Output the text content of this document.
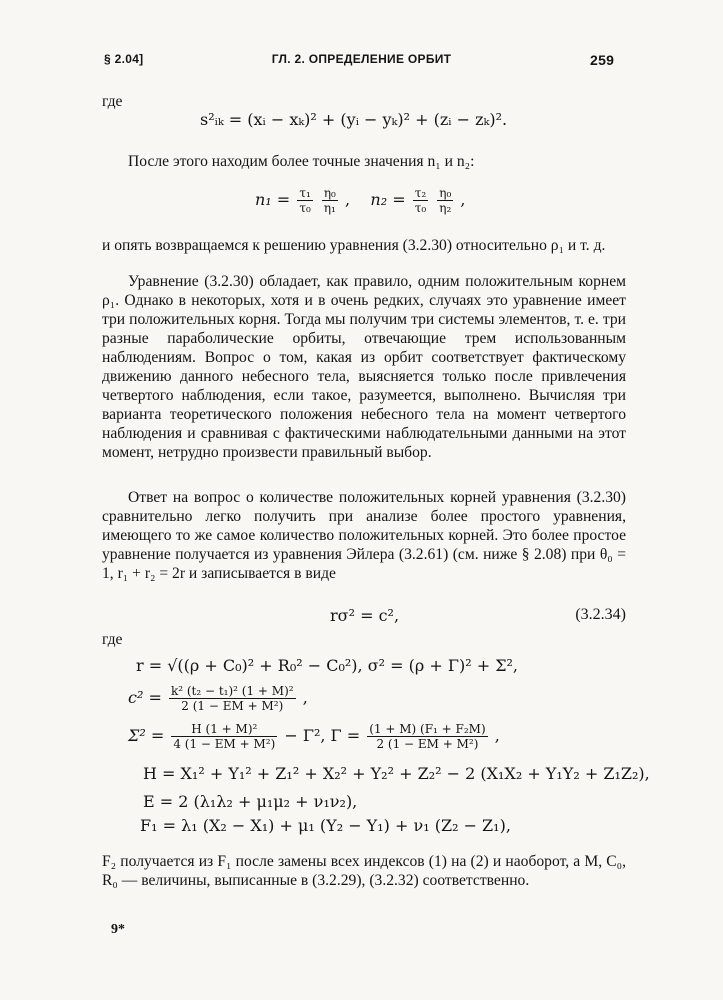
§ 2.04]	ГЛ. 2. ОПРЕДЕЛЕНИЕ ОРБИТ	259

где

s²ᵢₖ = (xᵢ − xₖ)² + (yᵢ − yₖ)² + (zᵢ − zₖ)².

После этого находим более точные значения n₁ и n₂:

$n_1 = \frac{\text{τ₁}}{\text{τ₀}}$
$\frac{\text{η₀}}{\text{η₁}}$ ,    $n_2 = \frac{\text{τ₂}}{\text{τ₀}}$
$\frac{\text{η₀}}{\text{η₂}}$ ,

и опять возвращаемся к решению уравнения (3.2.30) относительно ρ₁ и т. д.

Уравнение (3.2.30) обладает, как правило, одним положительным корнем ρ₁. Однако в некоторых, хотя и в очень редких, случаях это уравнение имеет три положительных корня. Тогда мы получим три системы элементов, т. е. три разные параболические орбиты, отвечающие трем использованным наблюдениям. Вопрос о том, какая из орбит соответствует фактическому движению данного небесного тела, выясняется только после привлечения четвертого наблюдения, если такое, разумеется, выполнено. Вычисляя три варианта теоретического положения небесного тела на момент четвертого наблюдения и сравнивая с фактическими наблюдательными данными на этот момент, нетрудно произвести правильный выбор.

Ответ на вопрос о количестве положительных корней уравнения (3.2.30) сравнительно легко получить при анализе более простого уравнения, имеющего то же самое количество положительных корней. Это более простое уравнение получается из уравнения Эйлера (3.2.61) (см. ниже § 2.08) при θ₀ = 1, r₁ + r₂ = 2r и записывается в виде

rσ² = c²,	(3.2.34)

где

r = √((ρ + C₀)² + R₀² − C₀²), σ² = (ρ + Γ)² + Σ²,
$c^2 = \frac{\text{k² (t₂ − t₁)² (1 + M)²}}{\text{2 (1 − EM + M²)}}$ ,
$\Sigma^2 = \frac{\text{H (1 + M)²}}{\text{4 (1 − EM + M²)}} - \Gamma^2$, $\Gamma = \frac{\text{(1 + M) (F₁ + F₂M)}}{\text{2 (1 − EM + M²)}}$ ,
H = X₁² + Y₁² + Z₁² + X₂² + Y₂² + Z₂² − 2 (X₁X₂ + Y₁Y₂ + Z₁Z₂),
E = 2 (λ₁λ₂ + μ₁μ₂ + ν₁ν₂),
F₁ = λ₁ (X₂ − X₁) + μ₁ (Y₂ − Y₁) + ν₁ (Z₂ − Z₁),

F₂ получается из F₁ после замены всех индексов (1) на (2) и наоборот, а M, C₀, R₀ — величины, выписанные в (3.2.29), (3.2.32) соответственно.

9*
